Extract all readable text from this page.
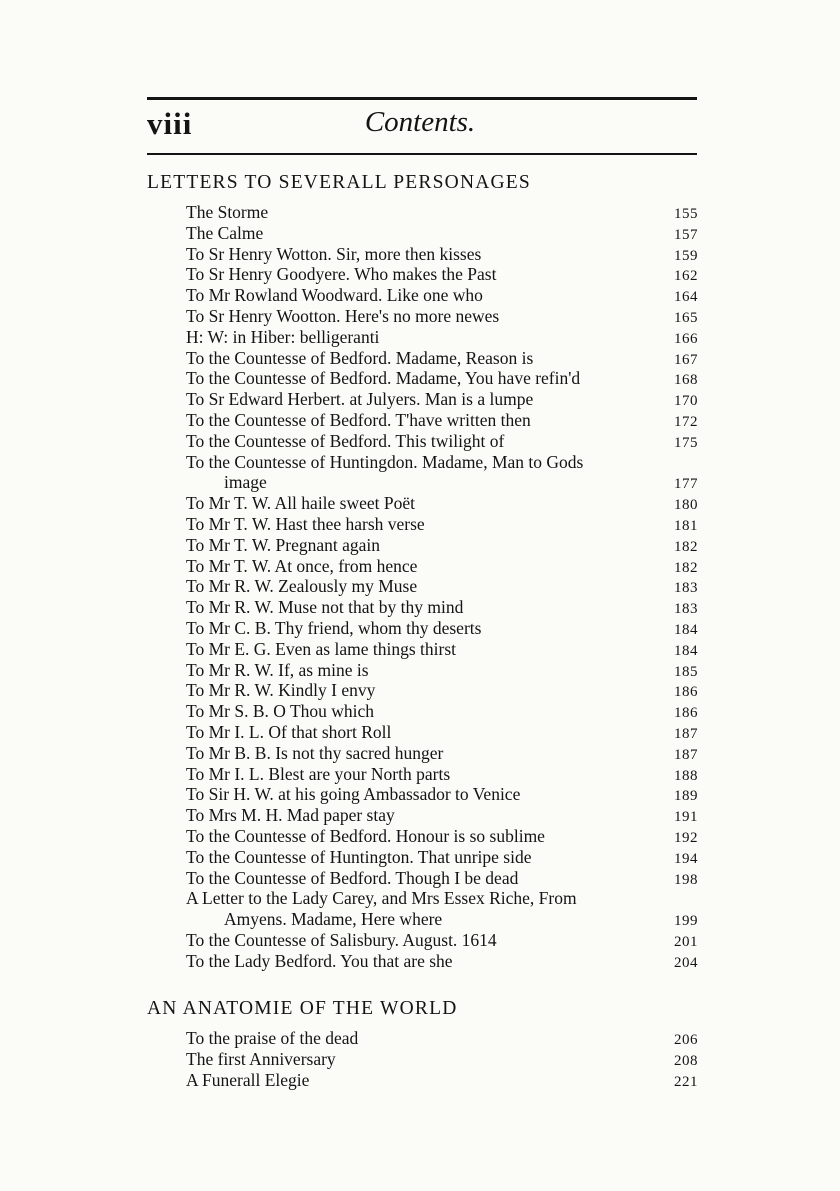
viii	Contents.
LETTERS TO SEVERALL PERSONAGES
The Storme	155
The Calme	157
To Sr Henry Wotton. Sir, more then kisses	159
To Sr Henry Goodyere. Who makes the Past	162
To Mr Rowland Woodward. Like one who	164
To Sr Henry Wootton. Here's no more newes	165
H: W: in Hiber: belligeranti	166
To the Countesse of Bedford. Madame, Reason is	167
To the Countesse of Bedford. Madame, You have refin'd	168
To Sr Edward Herbert. at Julyers. Man is a lumpe	170
To the Countesse of Bedford. T'have written then	172
To the Countesse of Bedford. This twilight of	175
To the Countesse of Huntingdon. Madame, Man to Gods
image	177
To Mr T. W. All haile sweet Poët	180
To Mr T. W. Hast thee harsh verse	181
To Mr T. W. Pregnant again	182
To Mr T. W. At once, from hence	182
To Mr R. W. Zealously my Muse	183
To Mr R. W. Muse not that by thy mind	183
To Mr C. B. Thy friend, whom thy deserts	184
To Mr E. G. Even as lame things thirst	184
To Mr R. W. If, as mine is	185
To Mr R. W. Kindly I envy	186
To Mr S. B. O Thou which	186
To Mr I. L. Of that short Roll	187
To Mr B. B. Is not thy sacred hunger	187
To Mr I. L. Blest are your North parts	188
To Sir H. W. at his going Ambassador to Venice	189
To Mrs M. H. Mad paper stay	191
To the Countesse of Bedford. Honour is so sublime	192
To the Countesse of Huntington. That unripe side	194
To the Countesse of Bedford. Though I be dead	198
A Letter to the Lady Carey, and Mrs Essex Riche, From
Amyens. Madame, Here where	199
To the Countesse of Salisbury. August. 1614	201
To the Lady Bedford. You that are she	204
AN ANATOMIE OF THE WORLD
To the praise of the dead	206
The first Anniversary	208
A Funerall Elegie	221
